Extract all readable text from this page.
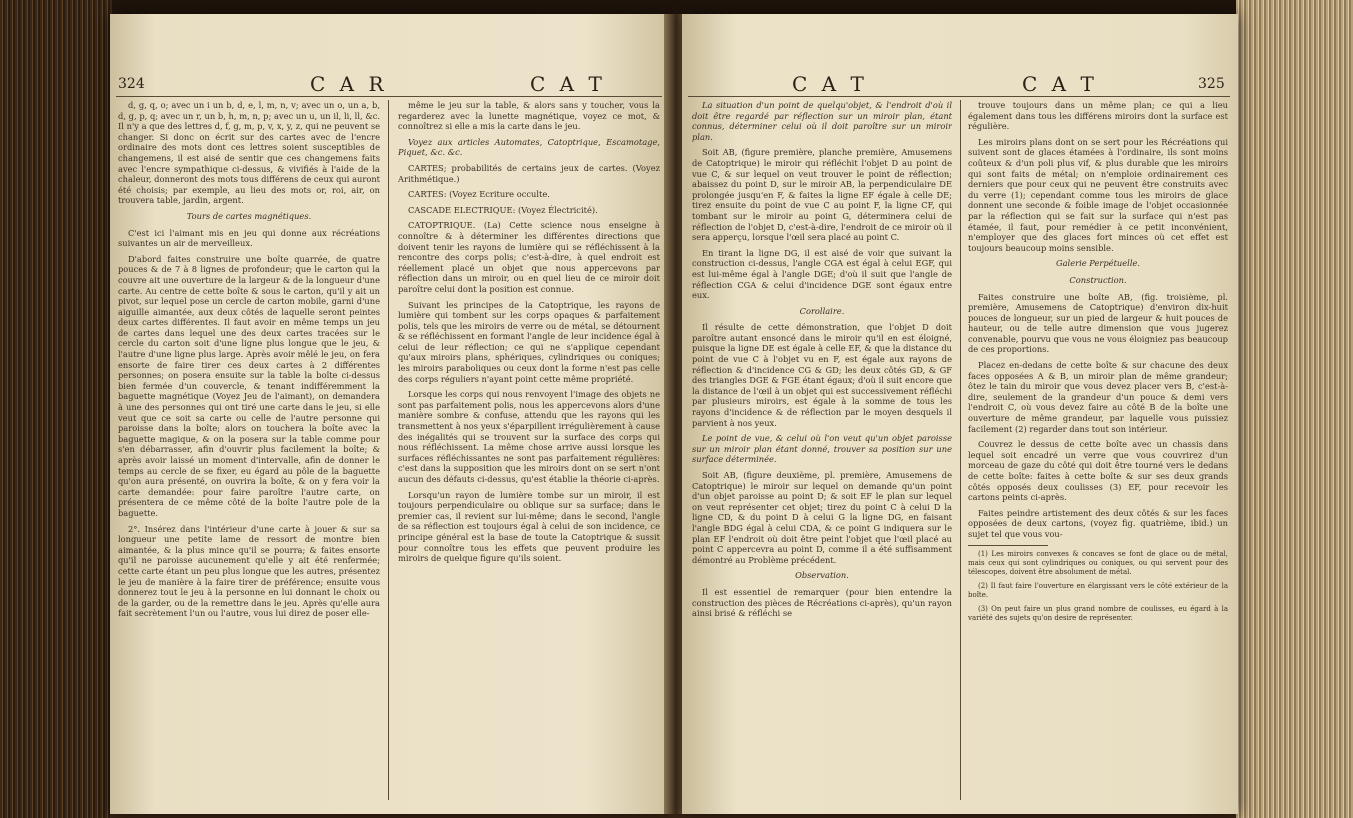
324	C A R	C A T

d, g, q, o; avec un i un b, d, e, l, m, n, v; avec un o, un a, b, d, g, p, q; avec un r, un b, h, m, n, p; avec un u, un il, li, ll, &c. Il n'y a que des lettres d, f, g, m, p, v, x, y, z, qui ne peuvent se changer. Si donc on écrit sur des cartes avec de l'encre ordinaire des mots dont ces lettres soient susceptibles de changemens, il est aisé de sentir que ces changemens faits avec l'encre sympathique ci-dessus, & vivifiés à l'aide de la chaleur, donneront des mots tous différens de ceux qui auront été choisis; par exemple, au lieu des mots or, roi, air, on trouvera table, jardin, argent.

Tours de cartes magnétiques.

C'est ici l'aimant mis en jeu qui donne aux récréations suivantes un air de merveilleux.

D'abord faites construire une boîte quarrée, de quatre pouces & de 7 à 8 lignes de profondeur; que le carton qui la couvre ait une ouverture de la largeur & de la longueur d'une carte. Au centre de cette boîte & sous le carton, qu'il y ait un pivot, sur lequel pose un cercle de carton mobile, garni d'une aiguille aimantée, aux deux côtés de laquelle seront peintes deux cartes différentes. Il faut avoir en même temps un jeu de cartes dans lequel une des deux cartes tracées sur le cercle du carton soit d'une ligne plus longue que le jeu, & l'autre d'une ligne plus large. Après avoir mêlé le jeu, on fera ensorte de faire tirer ces deux cartes à 2 différentes personnes; on posera ensuite sur la table la boîte ci-dessus bien fermée d'un couvercle, & tenant indifféremment la baguette magnétique (Voyez Jeu de l'aimant), on demandera à une des personnes qui ont tiré une carte dans le jeu, si elle veut que ce soit sa carte ou celle de l'autre personne qui paroisse dans la boîte; alors on touchera la boîte avec la baguette magique, & on la posera sur la table comme pour s'en débarrasser, afin d'ouvrir plus facilement la boîte; & après avoir laissé un moment d'intervalle, afin de donner le temps au cercle de se fixer, eu égard au pôle de la baguette qu'on aura présenté, on ouvrira la boîte, & on y fera voir la carte demandée: pour faire paroître l'autre carte, on présentera de ce même côté de la boîte l'autre pole de la baguette.

2°. Insérez dans l'intérieur d'une carte à jouer & sur sa longueur une petite lame de ressort de montre bien aimantée, & la plus mince qu'il se pourra; & faites ensorte qu'il ne paroisse aucunement qu'elle y ait été renfermée; cette carte étant un peu plus longue que les autres, présentez le jeu de manière à la faire tirer de préférence; ensuite vous donnerez tout le jeu à la personne en lui donnant le choix ou de la garder, ou de la remettre dans le jeu. Après qu'elle aura fait secrètement l'un ou l'autre, vous lui direz de poser elle-

même le jeu sur la table, & alors sans y toucher, vous la regarderez avec la lunette magnétique, voyez ce mot, & connoîtrez si elle a mis la carte dans le jeu.

Voyez aux articles Automates, Catoptrique, Escamotage, Piquet, &c. &c.

CARTES; probabilités de certains jeux de cartes. (Voyez Arithmétique.)

CARTES: (Voyez Ecriture occulte.

CASCADE ELECTRIQUE: (Voyez Électricité).

CATOPTRIQUE. (La) Cette science nous enseigne à connoître & à déterminer les différentes directions que doivent tenir les rayons de lumière qui se réfléchissent à la rencontre des corps polis; c'est-à-dire, à quel endroit est réellement placé un objet que nous appercevons par réflection dans un miroir, ou en quel lieu de ce miroir doit paroître celui dont la position est connue.

Suivant les principes de la Catoptrique, les rayons de lumière qui tombent sur les corps opaques & parfaitement polis, tels que les miroirs de verre ou de métal, se détournent & se réfléchissent en formant l'angle de leur incidence égal à celui de leur réflection; ce qui ne s'applique cependant qu'aux miroirs plans, sphériques, cylindriques ou coniques; les miroirs paraboliques ou ceux dont la forme n'est pas celle des corps réguliers n'ayant point cette même propriété.

Lorsque les corps qui nous renvoyent l'image des objets ne sont pas parfaitement polis, nous les appercevons alors d'une manière sombre & confuse, attendu que les rayons qui les transmettent à nos yeux s'éparpillent irrégulièrement à cause des inégalités qui se trouvent sur la surface des corps qui nous réfléchissent. La même chose arrive aussi lorsque les surfaces réfléchissantes ne sont pas parfaitement régulières: c'est dans la supposition que les miroirs dont on se sert n'ont aucun des défauts ci-dessus, qu'est établie la théorie ci-après.

Lorsqu'un rayon de lumière tombe sur un miroir, il est toujours perpendiculaire ou oblique sur sa surface; dans le premier cas, il revient sur lui-même; dans le second, l'angle de sa réflection est toujours égal à celui de son incidence, ce principe général est la base de toute la Catoptrique & sussit pour connoître tous les effets que peuvent produire les miroirs de quelque figure qu'ils soient.

C A T	C A T	325

La situation d'un point de quelqu'objet, & l'endroit d'où il doit être regardé par réflection sur un miroir plan, étant connus, déterminer celui où il doit paroître sur un miroir plan.

Soit AB, (figure première, planche première, Amusemens de Catoptrique) le miroir qui réfléchit l'objet D au point de vue C, & sur lequel on veut trouver le point de réflection; abaissez du point D, sur le miroir AB, la perpendiculaire DE prolongée jusqu'en F, & faites la ligne EF égale à celle DE; tirez ensuite du point de vue C au point F, la ligne CF, qui tombant sur le miroir au point G, déterminera celui de réflection de l'objet D, c'est-à-dire, l'endroit de ce miroir où il sera apperçu, lorsque l'œil sera placé au point C.

En tirant la ligne DG, il est aisé de voir que suivant la construction ci-dessus, l'angle CGA est égal à celui EGF, qui est lui-même égal à l'angle DGE; d'où il suit que l'angle de réflection CGA & celui d'incidence DGE sont égaux entre eux.

Corollaire.

Il résulte de cette démonstration, que l'objet D doit paroître autant ensoncé dans le miroir qu'il en est éloigné, puisque la ligne DE est égale à celle EF, & que la distance du point de vue C à l'objet vu en F, est égale aux rayons de réflection & d'incidence CG & GD; les deux côtés GD, & GF des triangles DGE & FGE étant égaux; d'où il suit encore que la distance de l'œil à un objet qui est successivement réfléchi par plusieurs miroirs, est égale à la somme de tous les rayons d'incidence & de réflection par le moyen desquels il parvient à nos yeux.

Le point de vue, & celui où l'on veut qu'un objet paroisse sur un miroir plan étant donné, trouver sa position sur une surface déterminée.

Soit AB, (figure deuxième, pl. première, Amusemens de Catoptrique) le miroir sur lequel on demande qu'un point d'un objet paroisse au point D; & soit EF le plan sur lequel on veut représenter cet objet; tirez du point C à celui D la ligne CD, & du point D à celui G la ligne DG, en faisant l'angle BDG égal à celui CDA, & ce point G indiquera sur le plan EF l'endroit où doit être peint l'objet que l'œil placé au point C appercevra au point D, comme il a été suffisamment démontré au Problème précédent.

Observation.

Il est essentiel de remarquer (pour bien entendre la construction des pièces de Récréations ci-après), qu'un rayon ainsi brisé & réfléchi se

trouve toujours dans un même plan; ce qui a lieu également dans tous les différens miroirs dont la surface est régulière.

Les miroirs plans dont on se sert pour les Récréations qui suivent sont de glaces étamées à l'ordinaire, ils sont moins coûteux & d'un poli plus vif, & plus durable que les miroirs qui sont faits de métal; on n'emploie ordinairement ces derniers que pour ceux qui ne peuvent être construits avec du verre (1); cependant comme tous les miroirs de glace donnent une seconde & foible image de l'objet occasionnée par la réflection qui se fait sur la surface qui n'est pas étamée, il faut, pour remédier à ce petit inconvénient, n'employer que des glaces fort minces où cet effet est toujours beaucoup moins sensible.

Galerie Perpétuelle.

Construction.

Faites construire une boîte AB, (fig. troisième, pl. première, Amusemens de Catoptrique) d'environ dix-huit pouces de longueur, sur un pied de largeur & huit pouces de hauteur, ou de telle autre dimension que vous jugerez convenable, pourvu que vous ne vous éloigniez pas beaucoup de ces proportions.

Placez en-dedans de cette boîte & sur chacune des deux faces opposées A & B, un miroir plan de même grandeur; ôtez le tain du miroir que vous devez placer vers B, c'est-à-dire, seulement de la grandeur d'un pouce & demi vers l'endroit C, où vous devez faire au côté B de la boîte une ouverture de même grandeur, par laquelle vous puissiez facilement (2) regarder dans tout son intérieur.

Couvrez le dessus de cette boîte avec un chassis dans lequel soit encadré un verre que vous couvrirez d'un morceau de gaze du côté qui doit être tourné vers le dedans de cette boîte: faites à cette boîte & sur ses deux grands côtés opposés deux coulisses (3) EF, pour recevoir les cartons peints ci-après.

Faites peindre artistement des deux côtés & sur les faces opposées de deux cartons, (voyez fig. quatrième, ibid.) un sujet tel que vous vou-

(1) Les miroirs convexes & concaves se font de glace ou de métal, mais ceux qui sont cylindriques ou coniques, ou qui servent pour des télescopes, doivent être absolument de métal.

(2) Il faut faire l'ouverture en élargissant vers le côté extérieur de la boîte.

(3) On peut faire un plus grand nombre de coulisses, eu égard à la variété des sujets qu'on desire de représenter.
